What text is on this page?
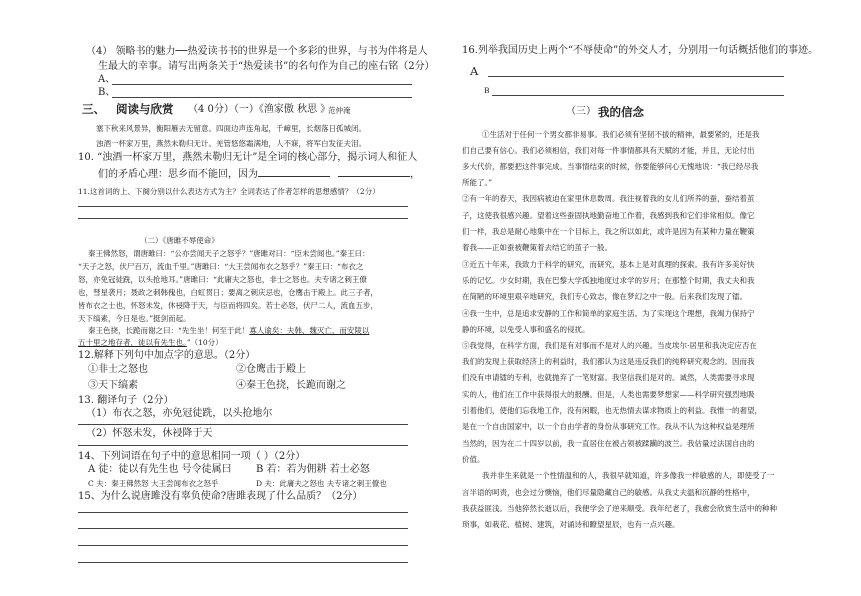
（4） 领略书的魅力──热爱读书书的世界是一个多彩的世界，与书为伴将是人
生最大的幸事。请写出两条关于“热爱读书”的名句作为自己的座右铭（2分）
A、
B、
三、 阅读与欣赏 （4 0分）（一）《渔家傲 秋思 》
范仲淹
塞下秋来风景异，衡阳雁去无留意。四面边声连角起，千嶂里，长烟落日孤城闭。
浊酒一杯家万里，燕然未勒归无计。羌管悠悠霜满地，人不寐，将军白发征夫泪。
10. “浊酒一杯家万里，燕然未勒归无计”是全词的核心部分，揭示词人和征人
们的矛盾心理：思乡而不能回，因为	，
11.这首词的上、下阕分别以什么表达方式为主？全词表达了作者怎样的思想感情？（2分）
（二）《唐雎不辱使命》
秦王怫然怒，谓唐雎曰：“公亦尝闻天子之怒乎？”唐雎对曰：“臣未尝闻也。”秦王曰：
“天子之怒，伏尸百万，流血千里。”唐雎曰：“大王尝闻布衣之怒乎？”秦王曰：“布衣之
怒，亦免冠徒跣，以头抢地耳。”唐雎曰：“此庸夫之怒也，非士之怒也。夫专诸之刺王僚
也，彗星袭月；聂政之刺韩傀也，白虹贯日；要离之刺庆忌也，仓鹰击于殿上。此三子者，
皆布衣之士也，怀怒未发，休祲降于天，与臣而将四矣。若士必怒，伏尸二人，流血五步，
天下缟素，今日是也。”挺剑而起。
秦王色挠，长跪而谢之曰：“先生坐！何至于此！寡人谕矣：夫韩、魏灭亡，而安陵以
五十里之地存者，徒以有先生也。”（10分）
12.解释下列句中加点字的意思。（2分）
①非士之怒也	②仓鹰击于殿上
③天下缟素	④秦王色挠，长跪而谢之
13. 翻译句子（2分）
（1）布衣之怒，亦免冠徒跣，以头抢地尔
（2）怀怒未发，休祲降于天
14、下列词语在句子中的意思相同一项（ ）（2分）
A 徒：徒以有先生也 号令徒属曰 B 若：若为佣耕 若士必怒
C 夫：秦王佛然怒 大王尝闻布衣之怒乎	D 夫：此庸夫之怒也 夫专诸之刺王僚也
15、为什么说唐雎没有辜负使命?唐雎表现了什么品质？（2分）
16.列举我国历史上两个“不辱使命”的外交人才，分别用一句话概括他们的事迹。
A
B
（三） 我的信念
①生活对于任何一个男女都非易事。我们必须有坚韧不拔的精神，最要紧的，还是我
们自己要有信心。我们必须相信，我们对每一件事情都具有天赋的才能，并且，无论付出
多大代价，都要把这件事完成。当事情结束的时候，你要能够问心无愧地说：“我已经尽我
所能了。”
②有一年的春天，我因病被迫在家里休息数周。我注视着我的女儿们所养的蚕，蚕结着茧
子，这使我很感兴趣。望着这些蚕固执地勤奋地工作着，我感到我和它们非常相似。像它
们一样，我总是耐心地集中在一个目标上，我之所以如此，或许是因为有某种力量在鞭策
着我——正如蚕被鞭策着去结它的茧子一般。
③近五十年来，我致力于科学的研究，而研究，基本上是对真理的探索。我有许多美好快
乐的记忆。少女时期，我在巴黎大学孤独地度过求学的岁月；在那整个时期，我丈夫和我
在简陋的环境里艰辛地研究，我们专心致志，像在梦幻之中一般。后来我们发现了镭。
④我一生中，总是追求安静的工作和简单的家庭生活。为了实现这个理想，我竭力保持宁
静的环境，以免受人事和盛名的侵扰。
⑤我觉得，在科学方面，我们是有对事而不是对人的兴趣。当皮埃尔·居里和我决定应否在
我们的发现上获取经济上的利益时，我们都认为这是违反我们的纯粹研究观念的。因而我
们没有申请镭的专利，也就抛弃了一笔财富。我坚信我们是对的。诚然，人类需要寻求现
实的人，他们在工作中获得很大的报酬。但是，人类也需要梦想家——科学研究强烈地吸
引着他们，使他们忘我地工作，没有闲暇，也无热情去谋求物质上的利益。我惟一的奢望，
是在一个自由国家中，以一个自由学者的身份从事研究工作。我从不认为这种权益是理所
当然的，因为在二十四岁以前，我一直居住在被占领被蹂躏的波兰。我估量过法国自由的
价值。
我并非生来就是一个性情温和的人，我很早就知道，许多像我一样敏感的人，即使受了一
言半语的呵责，也会过分懊恼，他们尽量隐藏自己的敏感。从我丈夫温和沉静的性格中，
我获益匪浅。当他猝然长逝以后，我便学会了逆来顺受。我年纪老了，我愈会欣赏生活中的种种
琐事，如栽花、植树、建筑，对诵诗和瞭望星辰，也有一点兴趣。
